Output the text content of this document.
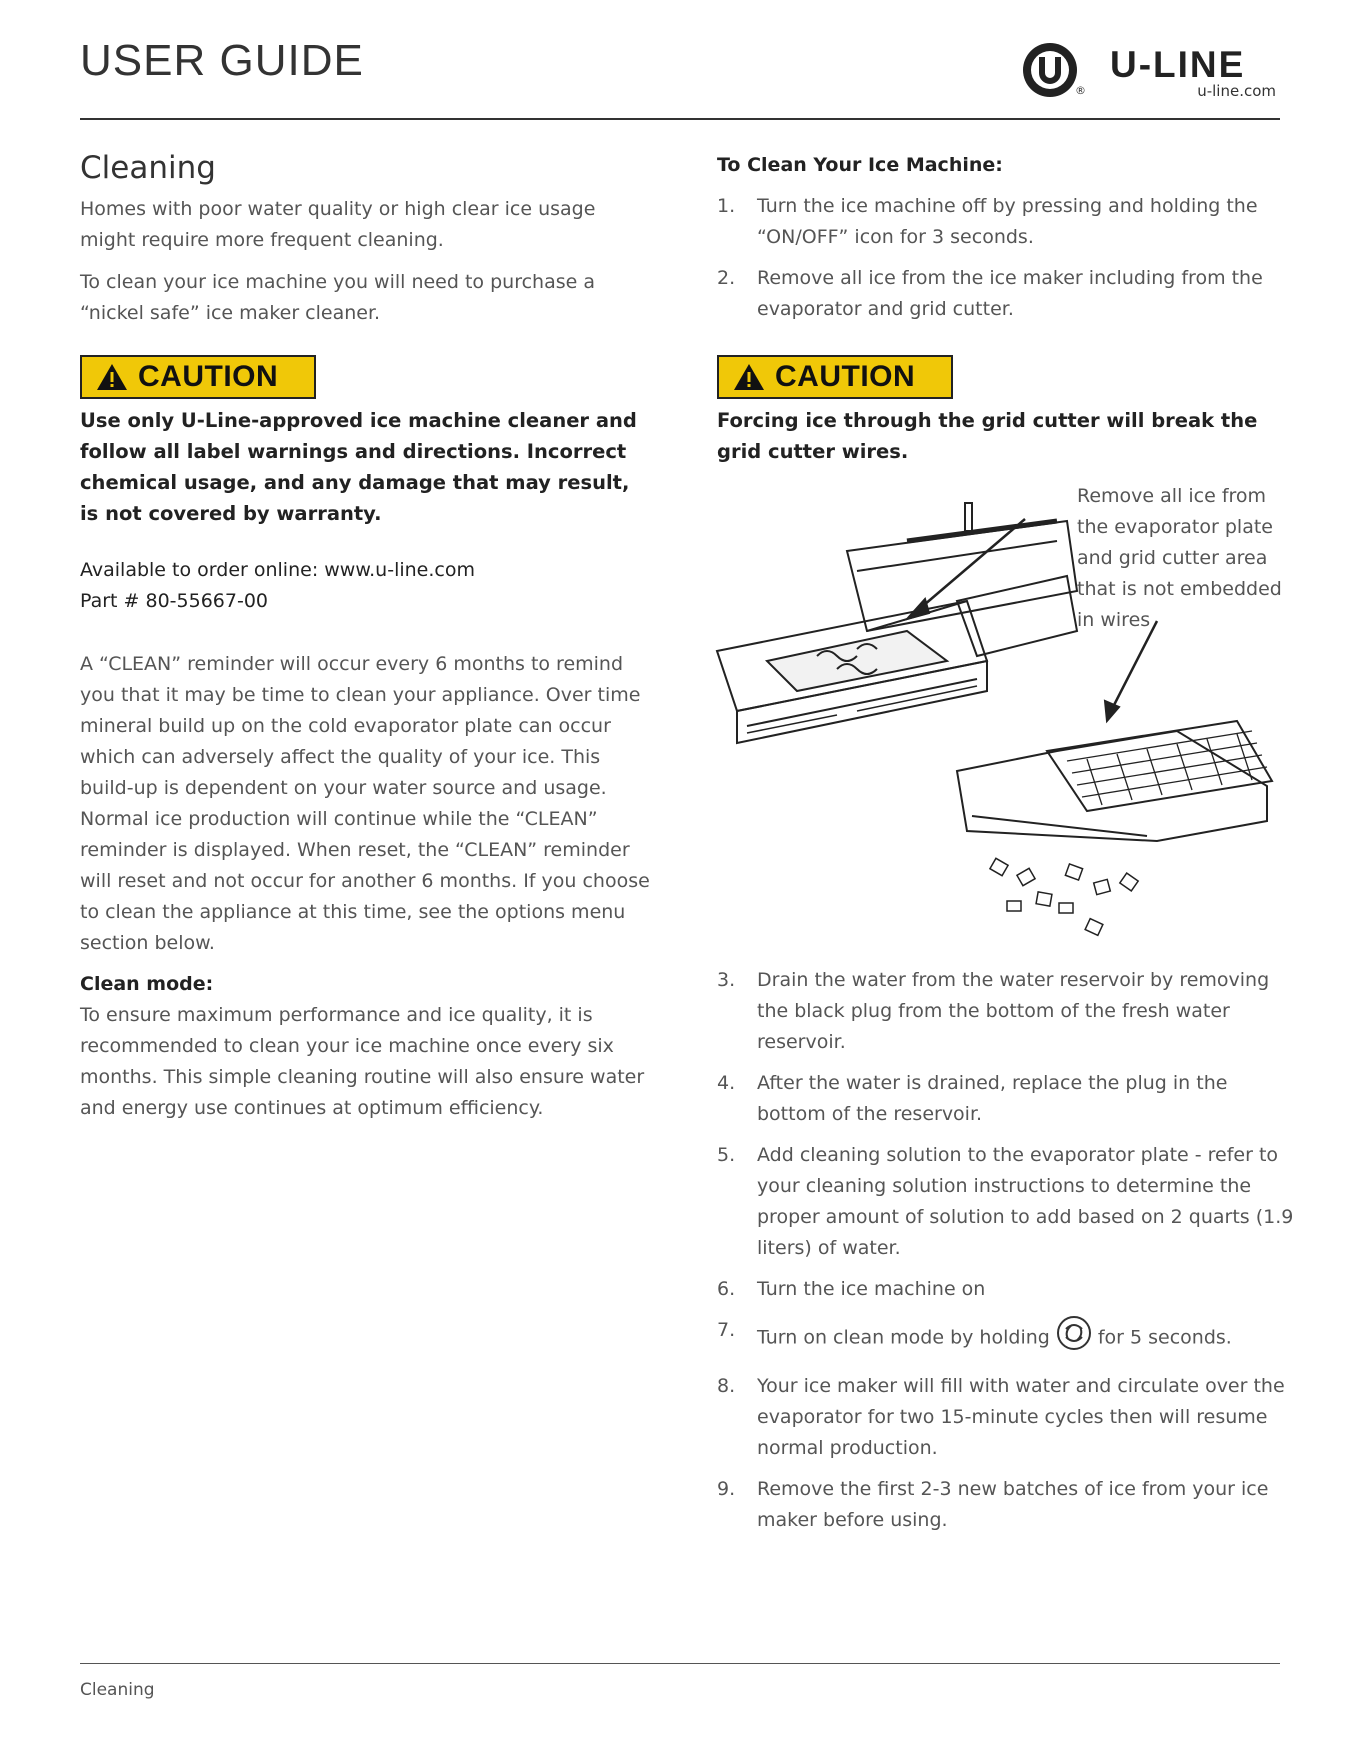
USER GUIDE
®
U-LINE
u-line.com
Cleaning

Homes with poor water quality or high clear ice usage might require more frequent cleaning.

To clean your ice machine you will need to purchase a “nickel safe” ice maker cleaner.

CAUTION

Use only U-Line-approved ice machine cleaner and follow all label warnings and directions. Incorrect chemical usage, and any damage that may result, is not covered by warranty.

Available to order online: www.u-line.com

Part # 80-55667-00

A “CLEAN” reminder will occur every 6 months to remind you that it may be time to clean your appliance. Over time mineral build up on the cold evaporator plate can occur which can adversely affect the quality of your ice. This build-up is dependent on your water source and usage. Normal ice production will continue while the “CLEAN” reminder is displayed. When reset, the “CLEAN” reminder will reset and not occur for another 6 months. If you choose to clean the appliance at this time, see the options menu section below.

Clean mode:

To ensure maximum performance and ice quality, it is recommended to clean your ice machine once every six months. This simple cleaning routine will also ensure water and energy use continues at optimum efficiency.

To Clean Your Ice Machine:

1. Turn the ice machine off by pressing and holding the “ON/OFF” icon for 3 seconds.
2. Remove all ice from the ice maker including from the evaporator and grid cutter.
CAUTION

Forcing ice through the grid cutter will break the grid cutter wires.

Remove all ice from the evaporator plate and grid cutter area that is not embedded in wires

3. Drain the water from the water reservoir by removing the black plug from the bottom of the fresh water reservoir.
4. After the water is drained, replace the plug in the bottom of the reservoir.
5. Add cleaning solution to the evaporator plate - refer to your cleaning solution instructions to determine the proper amount of solution to add based on 2 quarts (1.9 liters) of water.
6. Turn the ice machine on
7. Turn on clean mode by holding	for 5 seconds.
8. Your ice maker will fill with water and circulate over the evaporator for two 15-minute cycles then will resume normal production.
9. Remove the first 2-3 new batches of ice from your ice maker before using.
Cleaning
